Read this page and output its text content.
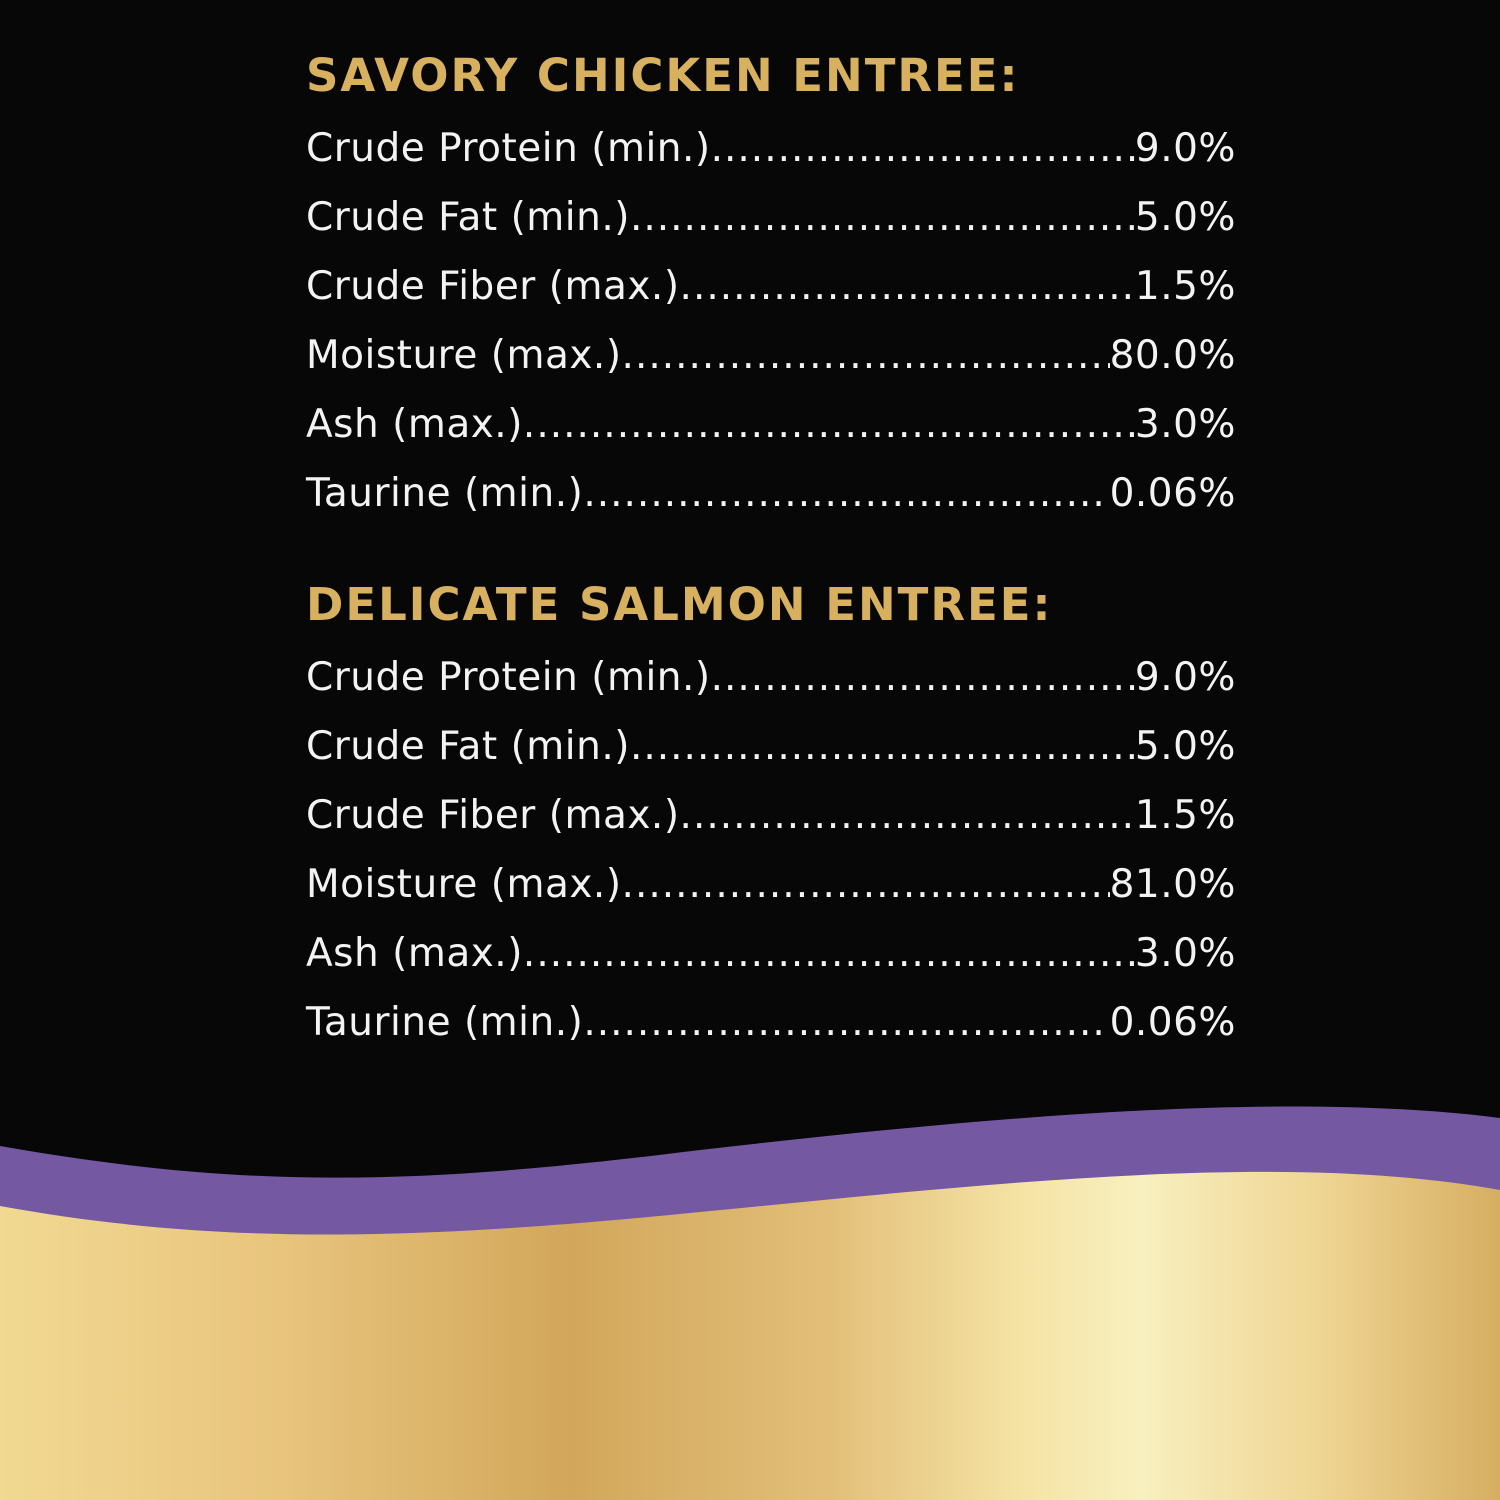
SAVORY CHICKEN ENTREE:
Crude Protein (min.) .....	9.0%
Crude Fat (min.) .....	5.0%
Crude Fiber (max.) .....	1.5%
Moisture (max.) .....	80.0%
Ash (max.) .....	3.0%
Taurine (min.) .....	0.06%
DELICATE SALMON ENTREE:
Crude Protein (min.) .....	9.0%
Crude Fat (min.) .....	5.0%
Crude Fiber (max.) .....	1.5%
Moisture (max.) .....	81.0%
Ash (max.) .....	3.0%
Taurine (min.) .....	0.06%
